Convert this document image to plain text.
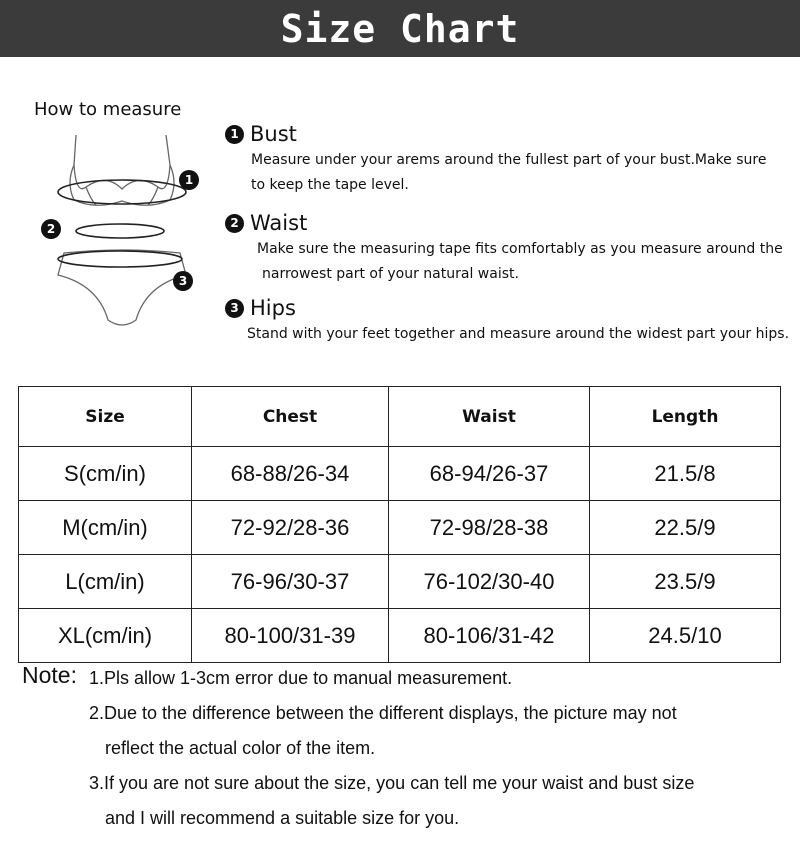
Size Chart
How to measure
1
2
3
1 Bust
Measure under your arems around the fullest part of your bust.Make sure
to keep the tape level.
2 Waist
Make sure the measuring tape fits comfortably as you measure around the
narrowest part of your natural waist.
3 Hips
Stand with your feet together and measure around the widest part your hips.
Size	Chest	Waist	Length
S(cm/in)	68-88/26-34	68-94/26-37	21.5/8
M(cm/in)	72-92/28-36	72-98/28-38	22.5/9
L(cm/in)	76-96/30-37	76-102/30-40	23.5/9
XL(cm/in)	80-100/31-39	80-106/31-42	24.5/10
Note: 1.Pls allow 1-3cm error due to manual measurement.
2.Due to the difference between the different displays, the picture may not
reflect the actual color of the item.
3.If you are not sure about the size, you can tell me your waist and bust size
and I will recommend a suitable size for you.
